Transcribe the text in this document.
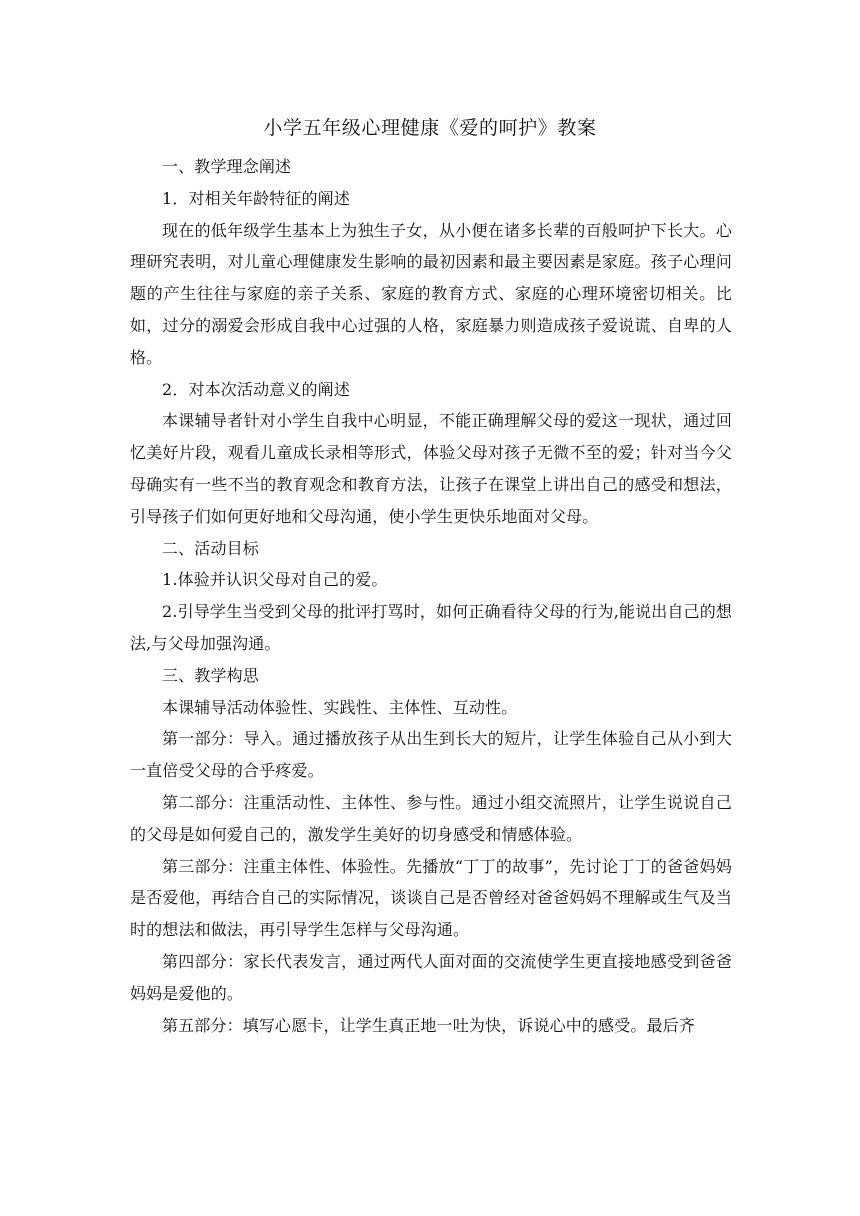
小学五年级心理健康《爱的呵护》教案

一、教学理念阐述

1．对相关年龄特征的阐述

现在的低年级学生基本上为独生子女，从小便在诸多长辈的百般呵护下长大。心理研究表明，对儿童心理健康发生影响的最初因素和最主要因素是家庭。孩子心理问题的产生往往与家庭的亲子关系、家庭的教育方式、家庭的心理环境密切相关。比如，过分的溺爱会形成自我中心过强的人格，家庭暴力则造成孩子爱说谎、自卑的人格。

2．对本次活动意义的阐述

本课辅导者针对小学生自我中心明显，不能正确理解父母的爱这一现状，通过回忆美好片段，观看儿童成长录相等形式，体验父母对孩子无微不至的爱；针对当今父母确实有一些不当的教育观念和教育方法，让孩子在课堂上讲出自己的感受和想法，引导孩子们如何更好地和父母沟通，使小学生更快乐地面对父母。

二、活动目标

1.体验并认识父母对自己的爱。

2.引导学生当受到父母的批评打骂时，如何正确看待父母的行为,能说出自己的想法,与父母加强沟通。

三、教学构思

本课辅导活动体验性、实践性、主体性、互动性。

第一部分：导入。通过播放孩子从出生到长大的短片，让学生体验自己从小到大一直倍受父母的合乎疼爱。

第二部分：注重活动性、主体性、参与性。通过小组交流照片，让学生说说自己的父母是如何爱自己的，激发学生美好的切身感受和情感体验。

第三部分：注重主体性、体验性。先播放“丁丁的故事”，先讨论丁丁的爸爸妈妈是否爱他，再结合自己的实际情况，谈谈自己是否曾经对爸爸妈妈不理解或生气及当时的想法和做法，再引导学生怎样与父母沟通。

第四部分：家长代表发言，通过两代人面对面的交流使学生更直接地感受到爸爸妈妈是爱他的。

第五部分：填写心愿卡，让学生真正地一吐为快，诉说心中的感受。最后齐
